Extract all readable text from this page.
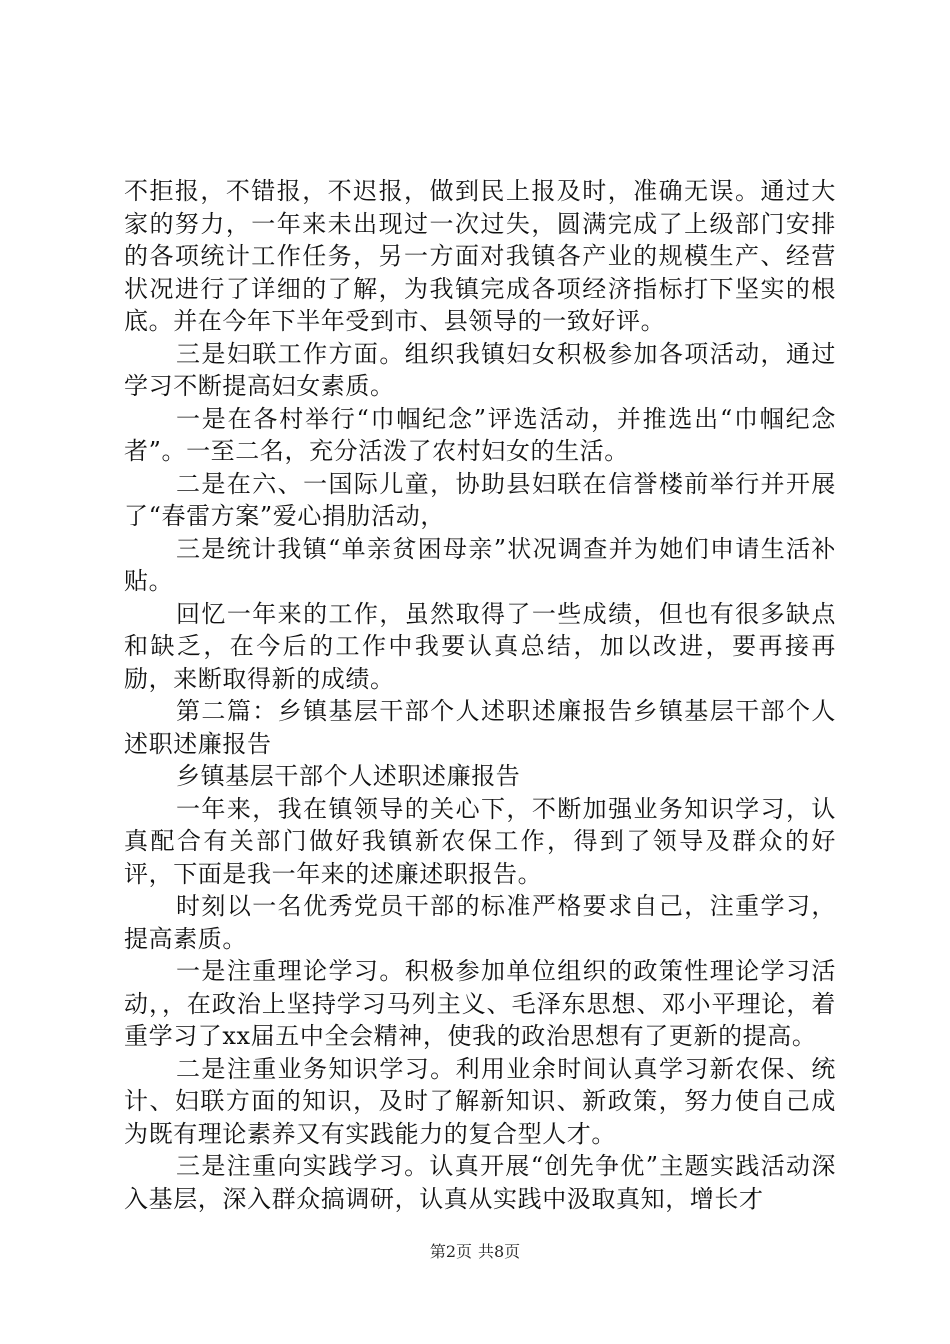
不拒报，不错报，不迟报，做到民上报及时，准确无误。通过大家的努力，一年来未出现过一次过失，圆满完成了上级部门安排的各项统计工作任务，另一方面对我镇各产业的规模生产、经营状况进行了详细的了解，为我镇完成各项经济指标打下坚实的根底。并在今年下半年受到市、县领导的一致好评。

三是妇联工作方面。组织我镇妇女积极参加各项活动，通过学习不断提高妇女素质。

一是在各村举行“巾帼纪念”评选活动，并推选出“巾帼纪念者”。一至二名，充分活泼了农村妇女的生活。

二是在六、一国际儿童，协助县妇联在信誉楼前举行并开展了“春雷方案”爱心捐肋活动，

三是统计我镇“单亲贫困母亲”状况调查并为她们申请生活补贴。

回忆一年来的工作，虽然取得了一些成绩，但也有很多缺点和缺乏，在今后的工作中我要认真总结，加以改进，要再接再励，来断取得新的成绩。

第二篇：乡镇基层干部个人述职述廉报告乡镇基层干部个人述职述廉报告

乡镇基层干部个人述职述廉报告

一年来，我在镇领导的关心下，不断加强业务知识学习，认真配合有关部门做好我镇新农保工作，得到了领导及群众的好评，下面是我一年来的述廉述职报告。

时刻以一名优秀党员干部的标准严格要求自己，注重学习，提高素质。

一是注重理论学习。积极参加单位组织的政策性理论学习活动，，在政治上坚持学习马列主义、毛泽东思想、邓小平理论，着重学习了xx届五中全会精神，使我的政治思想有了更新的提高。

二是注重业务知识学习。利用业余时间认真学习新农保、统计、妇联方面的知识，及时了解新知识、新政策，努力使自己成为既有理论素养又有实践能力的复合型人才。

三是注重向实践学习。认真开展“创先争优”主题实践活动深入基层，深入群众搞调研，认真从实践中汲取真知，增长才

第2页 共8页
